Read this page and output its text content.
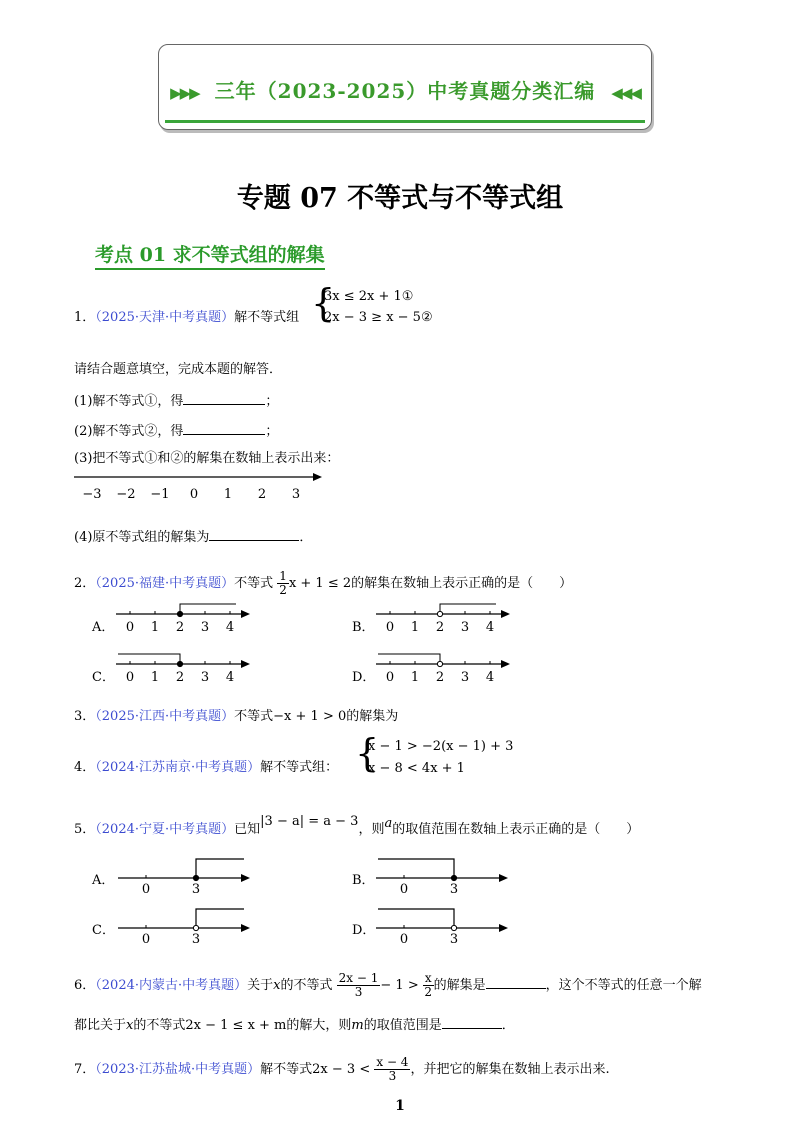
▶▶▶ 三年（2023-2025）中考真题分类汇编 ◀◀◀
专题 07 不等式与不等式组
考点 01 求不等式组的解集
1．（2025·天津·中考真题）解不等式组 {
3x ≤ 2x + 1①
2x − 3 ≥ x − 5②
请结合题意填空，完成本题的解答．
(1)解不等式①，得	；
(2)解不等式②，得	；
(3)把不等式①和②的解集在数轴上表示出来：
−3 −2 −1 0 1 2 3
(4)原不等式组的解集为	．
2．（2025·福建·中考真题）不等式 $\frac{1}{2}$ x + 1 ≤ 2的解集在数轴上表示正确的是（　　）
A． 0 1 2 3 4	B． 0 1 2 3 4
C． 0 1 2 3 4	D． 0 1 2 3 4
3．（2025·江西·中考真题）不等式−x + 1 > 0的解集为
4．（2024·江苏南京·中考真题）解不等式组： {
x − 1 > −2(x − 1) + 3
x − 8 < 4x + 1
5．（2024·宁夏·中考真题）已知|3 − a| = a − 3，则a的取值范围在数轴上表示正确的是（　　）
A．
0	3
B．
0	3
C．
0	3
D．
0	3
6．（2024·内蒙古·中考真题）关于x的不等式 $\frac{2x - 1}{3} - 1 > \frac{x}{2}$ 的解集是	，这个不等式的任意一个解
都比关于x的不等式2x − 1 ≤ x + m的解大，则m的取值范围是	．
7．（2023·江苏盐城·中考真题）解不等式$2x - 3 < \frac{x - 4}{3}$ ，并把它的解集在数轴上表示出来.
1
